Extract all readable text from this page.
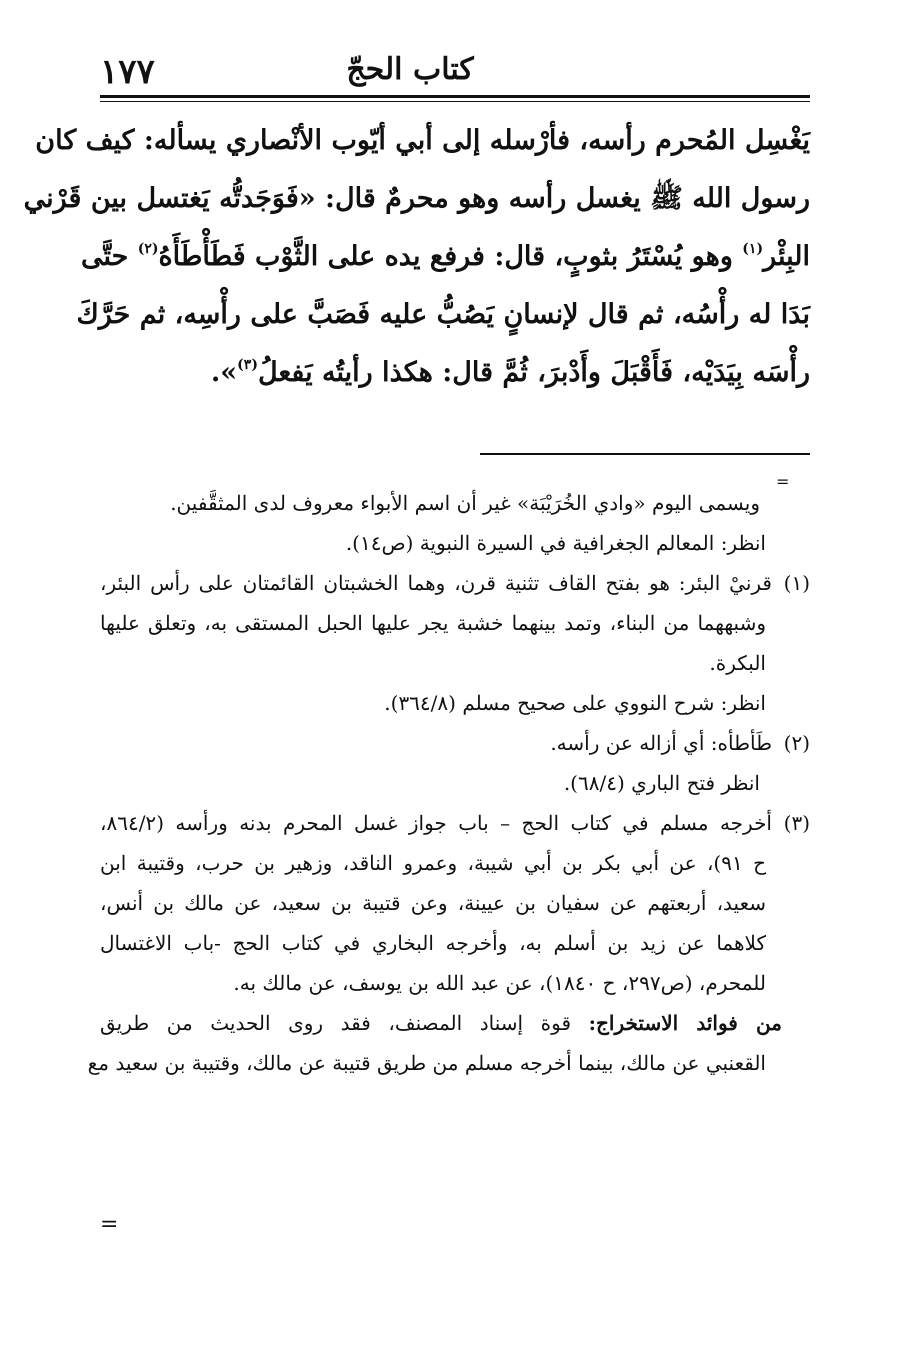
١٧٧	كتاب الحجّ
يَغْسِل المُحرم رأسه، فأرْسله إلى أبي أيّوب الأنْصاري يسأله: كيف كان
رسول الله ﷺ يغسل رأسه وهو محرمٌ قال: «فَوَجَدتُّه يَغتسل بين قَرْني
البِئْر$^{(١)}$ وهو يُسْتَرُ بثوبٍ، قال: فرفع يده على الثَّوْب فَطَأْطَأَهُ$^{(٢)}$ حتَّى
بَدَا له رأْسُه، ثم قال لإنسانٍ يَصُبُّ عليه فَصَبَّ على رأْسِه، ثم حَرَّكَ
رأْسَه بِيَدَيْه، فَأَقْبَلَ وأَدْبرَ، ثُمَّ قال: هكذا رأيتُه يَفعلُ$^{(٣)}$».
=
ويسمى اليوم «وادي الخُرَيْبَة» غير أن اسم الأبواء معروف لدى المثقَّفين.
انظر: المعالم الجغرافية في السيرة النبوية (ص١٤).
(١)قرنيْ البئر: هو بفتح القاف تثنية قرن، وهما الخشبتان القائمتان على رأس البئر،
وشبههما من البناء، وتمد بينهما خشبة يجر عليها الحبل المستقى به، وتعلق عليها
البكرة.
انظر: شرح النووي على صحيح مسلم (٣٦٤/٨).
(٢)طَأطأه: أي أزاله عن رأسه.
انظر فتح الباري (٦٨/٤).
(٣)أخرجه مسلم في كتاب الحج – باب جواز غسل المحرم بدنه ورأسه (٨٦٤/٢،
ح ٩١)، عن أبي بكر بن أبي شيبة، وعمرو الناقد، وزهير بن حرب، وقتيبة ابن
سعيد، أربعتهم عن سفيان بن عيينة، وعن قتيبة بن سعيد، عن مالك بن أنس،
كلاهما عن زيد بن أسلم به، وأخرجه البخاري في كتاب الحج -باب الاغتسال
للمحرم، (ص٢٩٧، ح ١٨٤٠)، عن عبد الله بن يوسف، عن مالك به.
من فوائد الاستخراج: قوة إسناد المصنف، فقد روى الحديث من طريق
القعنبي عن مالك، بينما أخرجه مسلم من طريق قتيبة عن مالك، وقتيبة بن سعيد مع
=
